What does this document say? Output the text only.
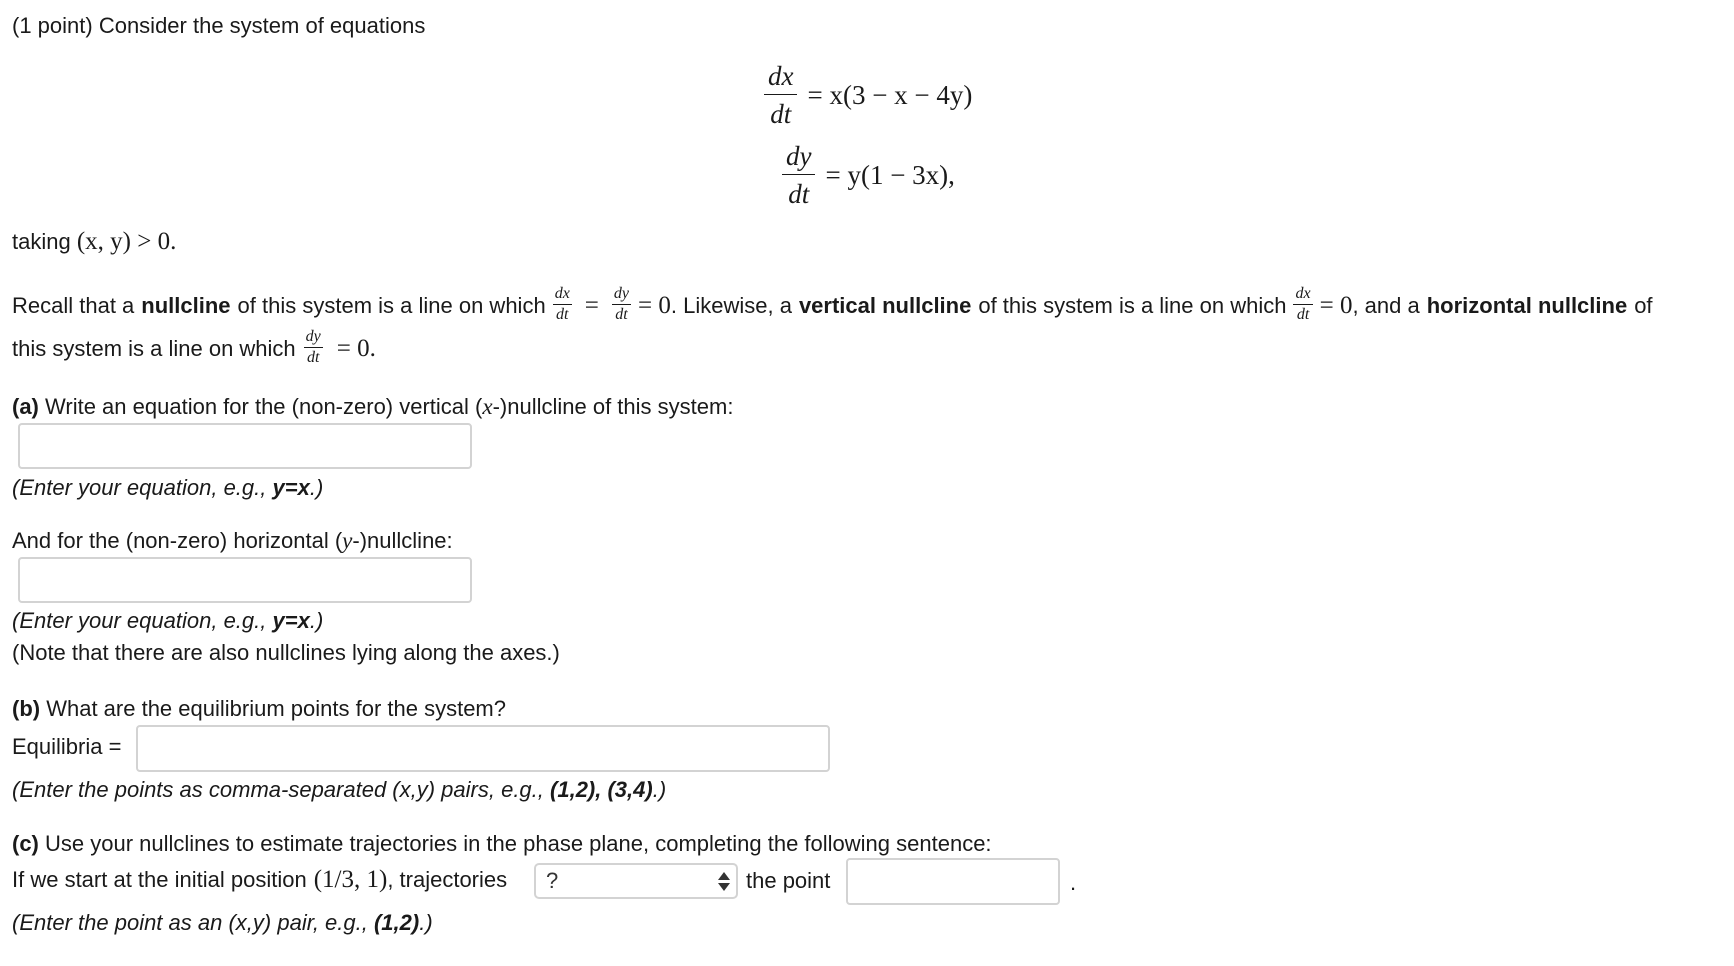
(1 point) Consider the system of equations
$\frac{dx}{dt} = x(3 - x - 4y)$
$\frac{dy}{dt} = y(1 - 3x)$,
taking (x, y) > 0.
Recall that a nullcline of this system is a line on which $\frac{dx}{dt} = \frac{dy}{dt} = 0$ . Likewise, a vertical nullcline of this system is a line on which $\frac{dx}{dt} = 0$ , and a horizontal nullcline of
this system is a line on which $\frac{dy}{dt} = 0$.
(a) Write an equation for the (non-zero) vertical (x-)nullcline of this system:
(Enter your equation, e.g., y=x.)
And for the (non-zero) horizontal (y-)nullcline:
(Enter your equation, e.g., y=x.)
(Note that there are also nullclines lying along the axes.)
(b) What are the equilibrium points for the system?
Equilibria =
(Enter the points as comma-separated (x,y) pairs, e.g., (1,2), (3,4).)
(c) Use your nullclines to estimate trajectories in the phase plane, completing the following sentence:
If we start at the initial position (1/3, 1) , trajectories ?	the point	.
(Enter the point as an (x,y) pair, e.g., (1,2).)
